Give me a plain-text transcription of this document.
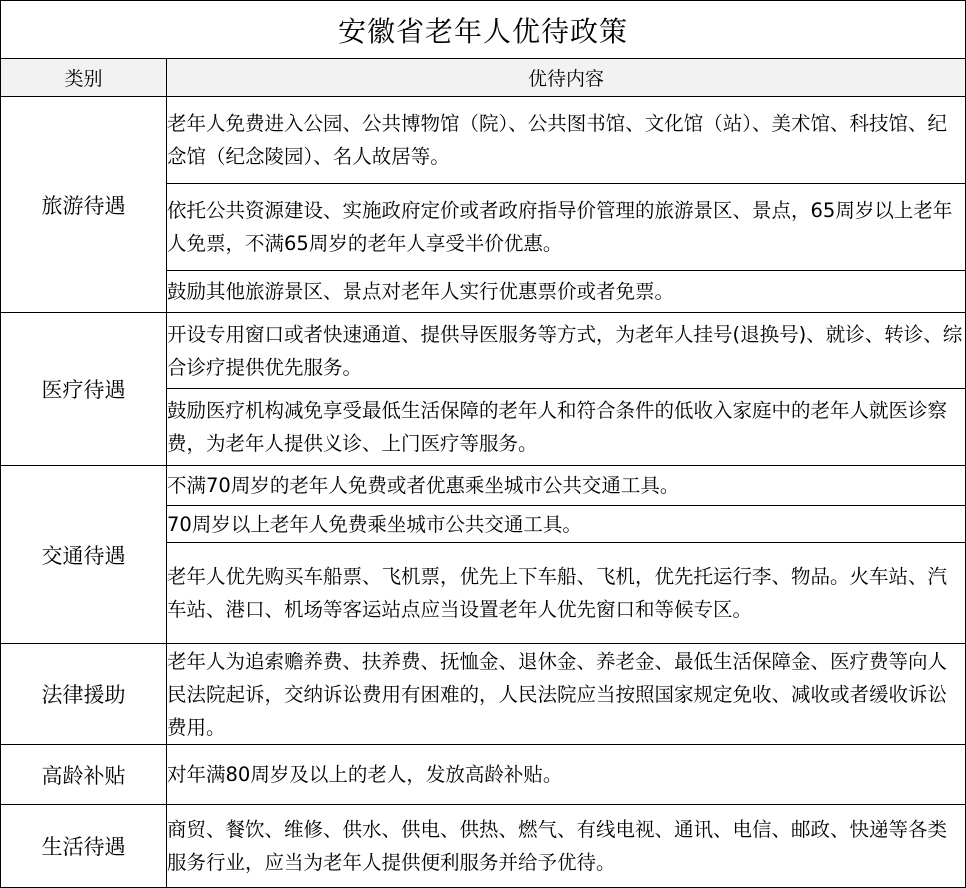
安徽省老年人优待政策	
类别	优待内容
旅游待遇	老年人免费进入公园、公共博物馆（院）、公共图书馆、文化馆（站）、美术馆、科技馆、纪念馆（纪念陵园）、名人故居等。
	依托公共资源建设、实施政府定价或者政府指导价管理的旅游景区、景点，65周岁以上老年人免票，不满65周岁的老年人享受半价优惠。
	鼓励其他旅游景区、景点对老年人实行优惠票价或者免票。
医疗待遇	开设专用窗口或者快速通道、提供导医服务等方式，为老年人挂号(退换号)、就诊、转诊、综合诊疗提供优先服务。
	鼓励医疗机构减免享受最低生活保障的老年人和符合条件的低收入家庭中的老年人就医诊察费，为老年人提供义诊、上门医疗等服务。
交通待遇	不满70周岁的老年人免费或者优惠乘坐城市公共交通工具。
	70周岁以上老年人免费乘坐城市公共交通工具。
	老年人优先购买车船票、飞机票，优先上下车船、飞机，优先托运行李、物品。火车站、汽车站、港口、机场等客运站点应当设置老年人优先窗口和等候专区。
法律援助	老年人为追索赡养费、扶养费、抚恤金、退休金、养老金、最低生活保障金、医疗费等向人民法院起诉，交纳诉讼费用有困难的，人民法院应当按照国家规定免收、减收或者缓收诉讼费用。
高龄补贴	对年满80周岁及以上的老人，发放高龄补贴。
生活待遇	商贸、餐饮、维修、供水、供电、供热、燃气、有线电视、通讯、电信、邮政、快递等各类服务行业，应当为老年人提供便利服务并给予优待。
